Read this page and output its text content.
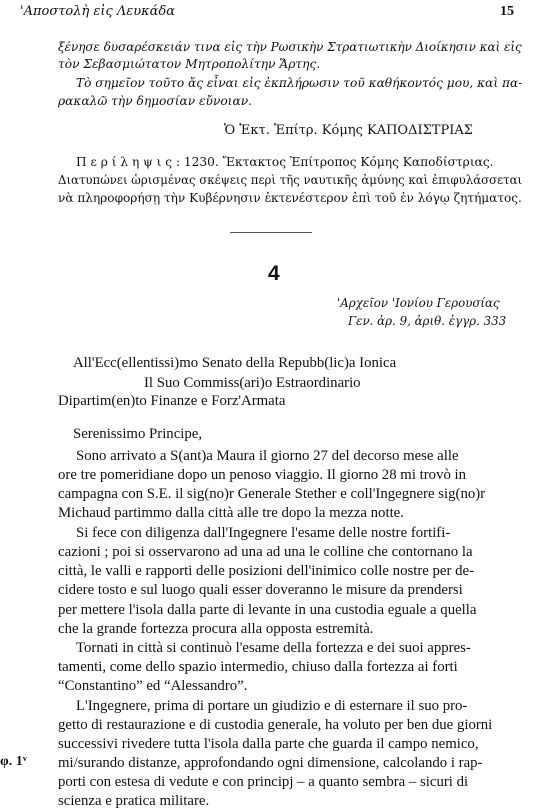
'Αποστολὴ εἰς Λευκάδα	15
ξένησε δυσαρέσκειάν τινα εἰς τὴν Ρωσικὴν Στρατιωτικὴν Διοίκησιν καὶ εἰς
τὸν Σεβασμιώτατον Μητροπολίτην Ἄρτης.
Τὸ σημεῖον τοῦτο ἄς εἶναι εἰς ἐκπλήρωσιν τοῦ καθήκοντός μου, καὶ πα-
ρακαλῶ τὴν δημοσίαν εὔνοιαν.
Ὁ Ἐκτ. Ἐπίτρ. Κόμης ΚΑΠΟΔΙΣΤΡΙΑΣ
Π ε ρ ί λ η ψ ι ς : 1230. Ἔκτακτος Ἐπίτροπος Κόμης Καποδίστριας.
Διατυπώνει ὡρισμένας σκέψεις περὶ τῆς ναυτικῆς ἀμύνης καὶ ἐπιφυλάσσεται
νὰ πληροφορήσῃ τὴν Κυβέρνησιν ἐκτενέστερον ἐπὶ τοῦ ἐν λόγῳ ζητήματος.
4
'Αρχεῖον 'Ιονίου Γερουσίας
Γεν. ἀρ. 9, ἀριθ. ἐγγρ. 333
All'Ecc(ellentissi)mo Senato della Repubb(lic)a Ionica
Il Suo Commiss(ari)o Estraordinario
Dipartim(en)to Finanze e Forz'Armata
Serenissimo Principe,
Sono arrivato a S(ant)a Maura il giorno 27 del decorso mese alle
ore tre pomeridiane dopo un penoso viaggio. Il giorno 28 mi trovò in
campagna con S.E. il sig(no)r Generale Stether e coll'Ingegnere sig(no)r
Michaud partimmo dalla città alle tre dopo la mezza notte.
Si fece con diligenza dall'Ingegnere l'esame delle nostre fortifi-
cazioni ; poi si osservarono ad una ad una le colline che contornano la
città, le valli e rapporti delle posizioni dell'inimico colle nostre per de-
cidere tosto e sul luogo quali esser doveranno le misure da prendersi
per mettere l'isola dalla parte di levante in una custodia eguale a quella
che la grande fortezza procura alla opposta estremità.
Tornati in città si continuò l'esame della fortezza e dei suoi appres-
tamenti, come dello spazio intermedio, chiuso dalla fortezza ai forti
“Constantino” ed “Alessandro”.
L'Ingegnere, prima di portare un giudizio e di esternare il suo pro-
getto di restaurazione e di custodia generale, ha voluto per ben due giorni
successivi rivedere tutta l'isola dalla parte che guarda il campo nemico,
φ. 1ᵛ mi/surando distanze, approfondando ogni dimensione, calcolando i rap-
porti con estesa di vedute e con principj – a quanto sembra – sicuri di
scienza e pratica militare.
